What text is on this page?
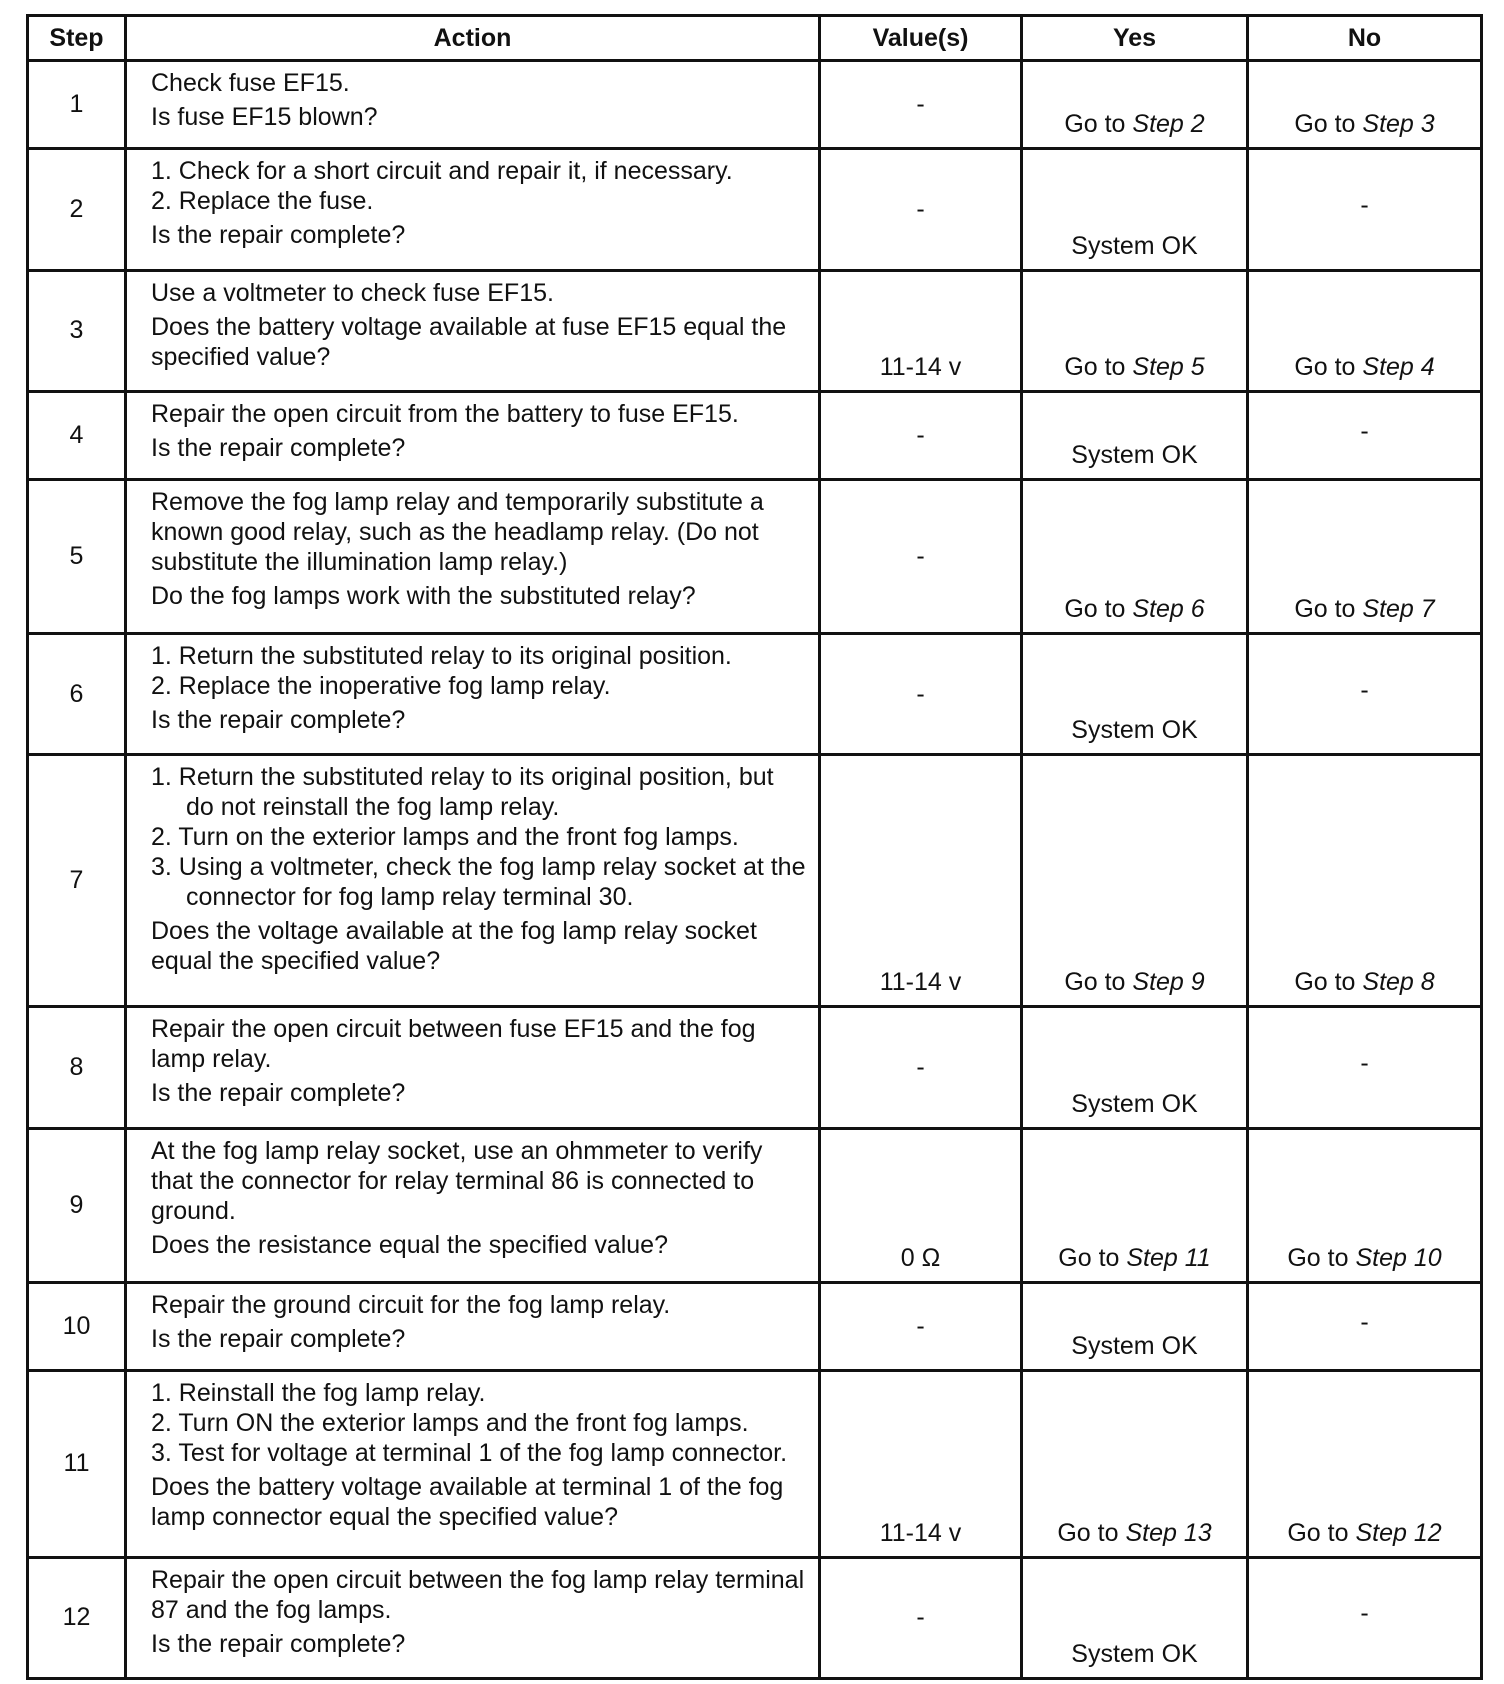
Step	Action	Value(s)	Yes	No
1	Check fuse EF15.
Is fuse EF15 blown?	-	Go to Step 2	Go to Step 3
2	1. Check for a short circuit and repair it, if necessary.
2. Replace the fuse.
Is the repair complete?	-	System OK	-
3	Use a voltmeter to check fuse EF15.
Does the battery voltage available at fuse EF15 equal the specified value?	11-14 v	Go to Step 5	Go to Step 4
4	Repair the open circuit from the battery to fuse EF15.
Is the repair complete?	-	System OK	-
5	Remove the fog lamp relay and temporarily substitute a known good relay, such as the headlamp relay. (Do not substitute the illumination lamp relay.)
Do the fog lamps work with the substituted relay?	-	Go to Step 6	Go to Step 7
6	1. Return the substituted relay to its original position.
2. Replace the inoperative fog lamp relay.
Is the repair complete?	-	System OK	-
7	1. Return the substituted relay to its original position, but do not reinstall the fog lamp relay.
2. Turn on the exterior lamps and the front fog lamps.
3. Using a voltmeter, check the fog lamp relay socket at the connector for fog lamp relay terminal 30.
Does the voltage available at the fog lamp relay socket equal the specified value?	11-14 v	Go to Step 9	Go to Step 8
8	Repair the open circuit between fuse EF15 and the fog lamp relay.
Is the repair complete?	-	System OK	-
9	At the fog lamp relay socket, use an ohmmeter to verify that the connector for relay terminal 86 is connected to ground.
Does the resistance equal the specified value?	0 Ω	Go to Step 11	Go to Step 10
10	Repair the ground circuit for the fog lamp relay.
Is the repair complete?	-	System OK	-
11	1. Reinstall the fog lamp relay.
2. Turn ON the exterior lamps and the front fog lamps.
3. Test for voltage at terminal 1 of the fog lamp connector.
Does the battery voltage available at terminal 1 of the fog lamp connector equal the specified value?	11-14 v	Go to Step 13	Go to Step 12
12	Repair the open circuit between the fog lamp relay terminal 87 and the fog lamps.
Is the repair complete?	-	System OK	-
